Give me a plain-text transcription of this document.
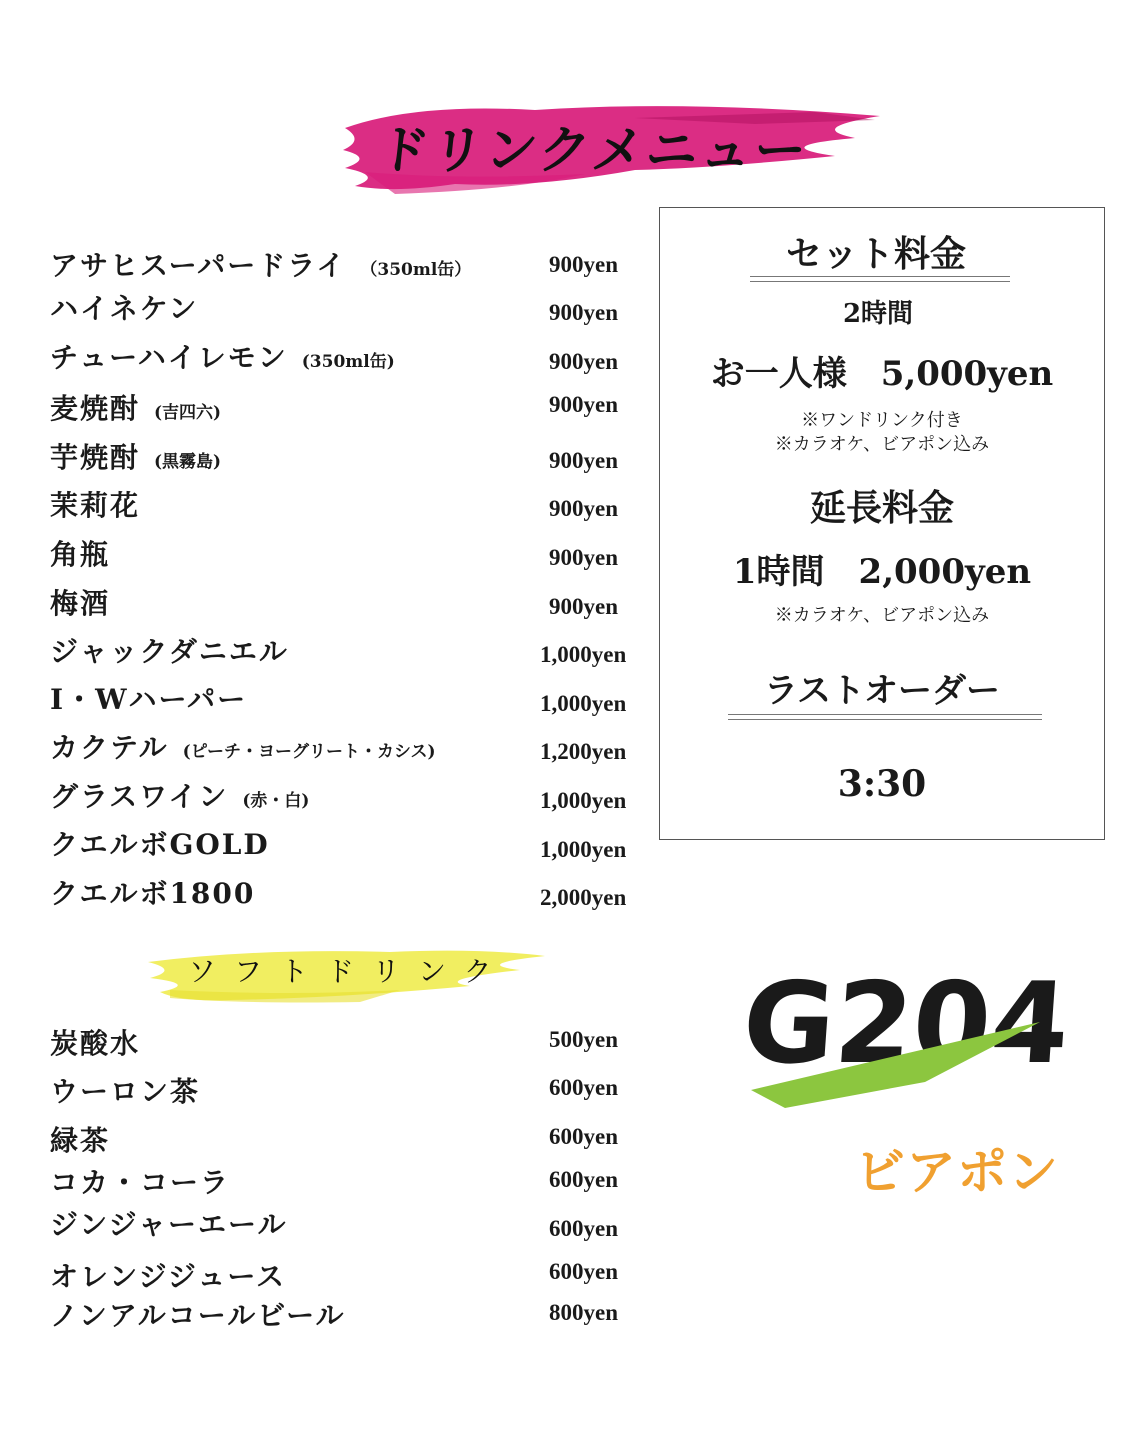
ドリンクメニュー
アサヒスーパードライ （350ml缶）	900yen
ハイネケン	900yen
チューハイレモン (350ml缶)	900yen
麦焼酎 (吉四六)	900yen
芋焼酎 (黒霧島)	900yen
茉莉花	900yen
角瓶	900yen
梅酒	900yen
ジャックダニエル	1,000yen
I・Wハーパー	1,000yen
カクテル (ピーチ・ヨーグリート・カシス)	1,200yen
グラスワイン (赤・白)	1,000yen
クエルボGOLD	1,000yen
クエルボ1800	2,000yen
ソフトドリンク
炭酸水	500yen
ウーロン茶	600yen
緑茶	600yen
コカ・コーラ	600yen
ジンジャーエール	600yen
オレンジジュース	600yen
ノンアルコールビール	800yen
セット料金
2時間
お一人様　5,000yen
※ワンドリンク付き
※カラオケ、ビアポン込み
延長料金
1時間　2,000yen
※カラオケ、ビアポン込み
ラストオーダー
3:30
G204
ビアポン
